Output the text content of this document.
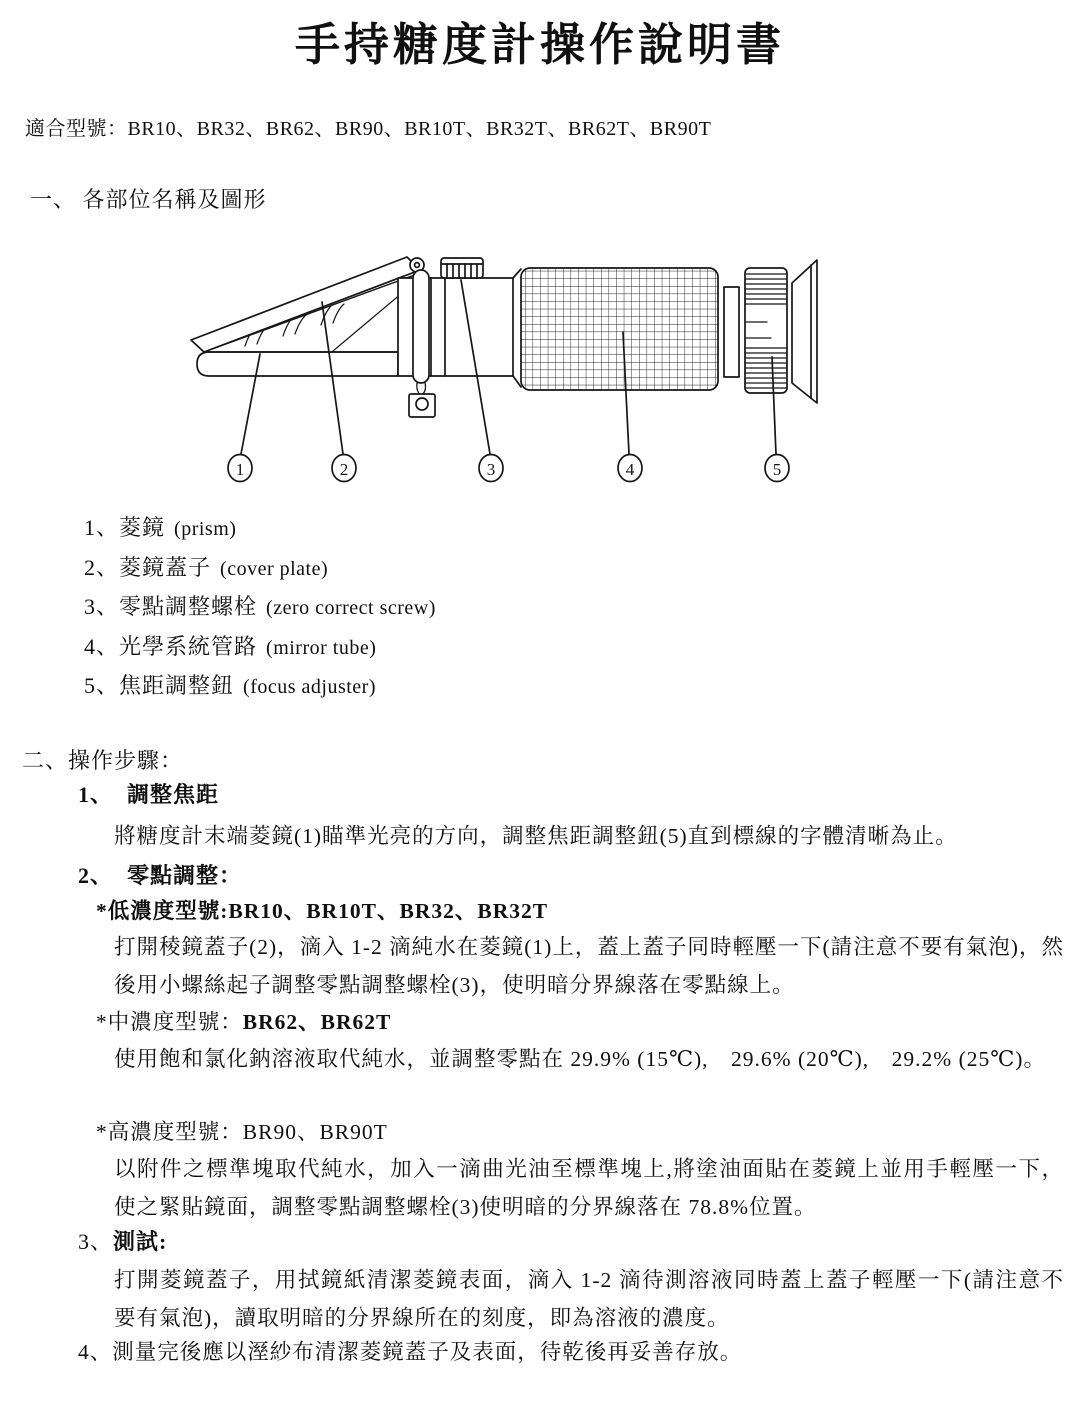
手持糖度計操作說明書
適合型號：BR10、BR32、BR62、BR90、BR10T、BR32T、BR62T、BR90T
一、 各部位名稱及圖形
1	2	3	4	5
1、菱鏡 (prism)
2、菱鏡蓋子 (cover plate)
3、零點調整螺栓 (zero correct screw)
4、光學系統管路 (mirror tube)
5、焦距調整鈕 (focus adjuster)
二、操作步驟：
1、 調整焦距
將糖度計末端菱鏡(1)瞄準光亮的方向，調整焦距調整鈕(5)直到標線的字體清晰為止。
2、 零點調整：
*低濃度型號:BR10、BR10T、BR32、BR32T
打開稜鏡蓋子(2)，滴入 1-2 滴純水在菱鏡(1)上，蓋上蓋子同時輕壓一下(請注意不要有氣泡)，然後用小螺絲起子調整零點調整螺栓(3)，使明暗分界線落在零點線上。
*中濃度型號：BR62、BR62T
使用飽和氯化鈉溶液取代純水，並調整零點在 29.9% (15℃),　29.6% (20℃),　29.2% (25℃)。
*高濃度型號：BR90、BR90T
以附件之標準塊取代純水，加入一滴曲光油至標準塊上,將塗油面貼在菱鏡上並用手輕壓一下，使之緊貼鏡面，調整零點調整螺栓(3)使明暗的分界線落在 78.8%位置。
3、測試:
打開菱鏡蓋子，用拭鏡紙清潔菱鏡表面，滴入 1-2 滴待測溶液同時蓋上蓋子輕壓一下(請注意不要有氣泡)，讀取明暗的分界線所在的刻度，即為溶液的濃度。
4、測量完後應以溼紗布清潔菱鏡蓋子及表面，待乾後再妥善存放。
